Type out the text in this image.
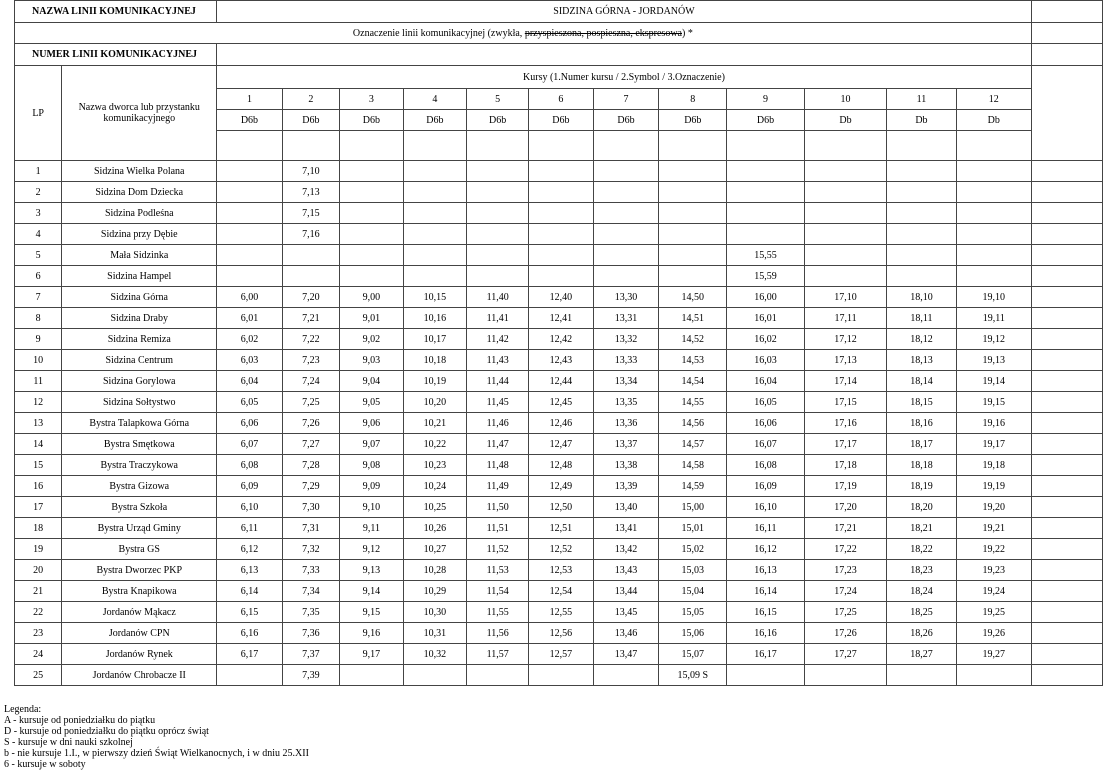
NAZWA LINII KOMUNIKACYJNEJ		SIDZINA GÓRNA - JORDANÓW												
Oznaczenie linii komunikacyjnej (zwykła, przyspieszona, pospieszna, ekspresowa) *														
NUMER LINII KOMUNIKACYJNEJ														
LP	Nazwa dworca lub przystanku komunikacyjnego	Kursy (1.Numer kursu / 2.Symbol / 3.Oznaczenie)												
		1	2	3	4	5	6	7	8	9	10	11	12	
		D6b	D6b	D6b	D6b	D6b	D6b	D6b	D6b	D6b	Db	Db	Db	

1	Sidzina Wielka Polana		7,10											
2	Sidzina Dom Dziecka		7,13											
3	Sidzina Podleśna		7,15											
4	Sidzina przy Dębie		7,16											
5	Mała Sidzinka									15,55				
6	Sidzina Hampel									15,59				
7	Sidzina Górna	6,00	7,20	9,00	10,15	11,40	12,40	13,30	14,50	16,00	17,10	18,10	19,10	
8	Sidzina Draby	6,01	7,21	9,01	10,16	11,41	12,41	13,31	14,51	16,01	17,11	18,11	19,11	
9	Sidzina Remiza	6,02	7,22	9,02	10,17	11,42	12,42	13,32	14,52	16,02	17,12	18,12	19,12	
10	Sidzina Centrum	6,03	7,23	9,03	10,18	11,43	12,43	13,33	14,53	16,03	17,13	18,13	19,13	
11	Sidzina Gorylowa	6,04	7,24	9,04	10,19	11,44	12,44	13,34	14,54	16,04	17,14	18,14	19,14	
12	Sidzina Sołtystwo	6,05	7,25	9,05	10,20	11,45	12,45	13,35	14,55	16,05	17,15	18,15	19,15	
13	Bystra Talapkowa Górna	6,06	7,26	9,06	10,21	11,46	12,46	13,36	14,56	16,06	17,16	18,16	19,16	
14	Bystra Smętkowa	6,07	7,27	9,07	10,22	11,47	12,47	13,37	14,57	16,07	17,17	18,17	19,17	
15	Bystra Traczykowa	6,08	7,28	9,08	10,23	11,48	12,48	13,38	14,58	16,08	17,18	18,18	19,18	
16	Bystra Gizowa	6,09	7,29	9,09	10,24	11,49	12,49	13,39	14,59	16,09	17,19	18,19	19,19	
17	Bystra Szkoła	6,10	7,30	9,10	10,25	11,50	12,50	13,40	15,00	16,10	17,20	18,20	19,20	
18	Bystra Urząd Gminy	6,11	7,31	9,11	10,26	11,51	12,51	13,41	15,01	16,11	17,21	18,21	19,21	
19	Bystra GS	6,12	7,32	9,12	10,27	11,52	12,52	13,42	15,02	16,12	17,22	18,22	19,22	
20	Bystra Dworzec PKP	6,13	7,33	9,13	10,28	11,53	12,53	13,43	15,03	16,13	17,23	18,23	19,23	
21	Bystra Knapikowa	6,14	7,34	9,14	10,29	11,54	12,54	13,44	15,04	16,14	17,24	18,24	19,24	
22	Jordanów Mąkacz	6,15	7,35	9,15	10,30	11,55	12,55	13,45	15,05	16,15	17,25	18,25	19,25	
23	Jordanów CPN	6,16	7,36	9,16	10,31	11,56	12,56	13,46	15,06	16,16	17,26	18,26	19,26	
24	Jordanów Rynek	6,17	7,37	9,17	10,32	11,57	12,57	13,47	15,07	16,17	17,27	18,27	19,27	
25	Jordanów Chrobacze II		7,39						15,09 S					
Legenda:
A - kursuje od poniedziałku do piątku
D - kursuje od poniedziałku do piątku oprócz świąt
S - kursuje w dni nauki szkolnej
b - nie kursuje 1.I., w pierwszy dzień Świąt Wielkanocnych, i w dniu 25.XII
6 - kursuje w soboty
